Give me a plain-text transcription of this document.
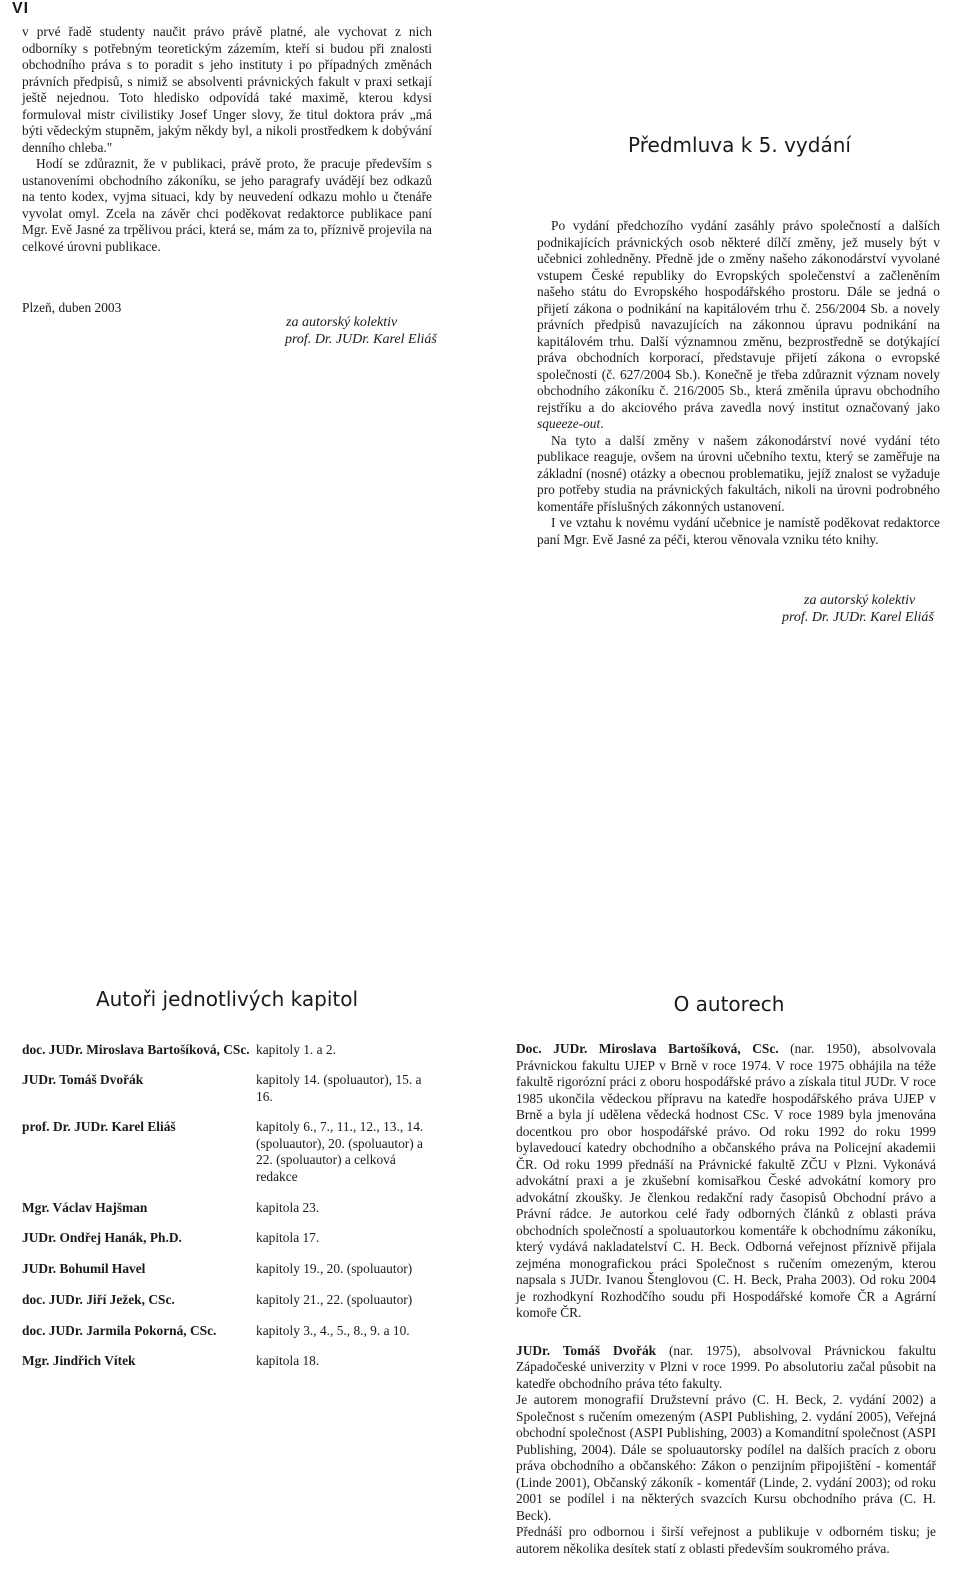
VI

v prvé řadě studenty naučit právo právě platné, ale vychovat z nich odborníky s potřebným teoretickým zázemím, kteří si budou při znalosti obchodního práva s to poradit s jeho instituty i po případných změnách právních předpisů, s nimiž se absolventi právnických fakult v praxi setkají ještě nejednou. Toto hledisko odpovídá také maximě, kterou kdysi formuloval mistr civilistiky Josef Unger slovy, že titul doktora práv „má býti vědeckým stupněm, jakým někdy byl, a nikoli prostředkem k dobývání denního chleba."

Hodí se zdůraznit, že v publikaci, právě proto, že pracuje především s ustanoveními obchodního zákoníku, se jeho paragrafy uvádějí bez odkazů na tento kodex, vyjma situaci, kdy by neuvedení odkazu mohlo u čtenáře vyvolat omyl. Zcela na závěr chci poděkovat redaktorce publikace paní Mgr. Evě Jasné za trpělivou práci, která se, mám za to, příznivě projevila na celkové úrovni publikace.

Plzeň, duben 2003
za autorský kolektiv
prof. Dr. JUDr. Karel Eliáš
Předmluva k 5. vydání

Po vydání předchozího vydání zasáhly právo společností a dalších podnikajících právnických osob některé dílčí změny, jež musely být v učebnici zohledněny. Předně jde o změny našeho zákonodárství vyvolané vstupem České republiky do Evropských společenství a začleněním našeho státu do Evropského hospodářského prostoru. Dále se jedná o přijetí zákona o podnikání na kapitálovém trhu č. 256/2004 Sb. a novely právních předpisů navazujících na zákonnou úpravu podnikání na kapitálovém trhu. Další významnou změnu, bezprostředně se dotýkající práva obchodních korporací, představuje přijetí zákona o evropské společnosti (č. 627/2004 Sb.). Konečně je třeba zdůraznit význam novely obchodního zákoníku č. 216/2005 Sb., která změnila úpravu obchodního rejstříku a do akciového práva zavedla nový institut označovaný jako squeeze-out.

Na tyto a další změny v našem zákonodárství nové vydání této publikace reaguje, ovšem na úrovni učebního textu, který se zaměřuje na základní (nosné) otázky a obecnou problematiku, jejíž znalost se vyžaduje pro potřeby studia na právnických fakultách, nikoli na úrovni podrobného komentáře příslušných zákonných ustanovení.

I ve vztahu k novému vydání učebnice je namístě poděkovat redaktorce paní Mgr. Evě Jasné za péči, kterou věnovala vzniku této knihy.

za autorský kolektiv
prof. Dr. JUDr. Karel Eliáš
Autoři jednotlivých kapitol
doc. JUDr. Miroslava Bartošíková, CSc. kapitoly 1. a 2.
JUDr. Tomáš Dvořák	kapitoly 14. (spoluautor), 15. a 16.
prof. Dr. JUDr. Karel Eliáš	kapitoly 6., 7., 11., 12., 13., 14. (spoluautor), 20. (spoluautor) a 22. (spoluautor) a celková redakce
Mgr. Václav Hajšman	kapitola 23.
JUDr. Ondřej Hanák, Ph.D.	kapitola 17.
JUDr. Bohumil Havel	kapitoly 19., 20. (spoluautor)
doc. JUDr. Jiří Ježek, CSc.	kapitoly 21., 22. (spoluautor)
doc. JUDr. Jarmila Pokorná, CSc.	kapitoly 3., 4., 5., 8., 9. a 10.
Mgr. Jindřich Vítek	kapitola 18.
O autorech

Doc. JUDr. Miroslava Bartošíková, CSc. (nar. 1950), absolvovala Právnickou fakultu UJEP v Brně v roce 1974. V roce 1975 obhájila na téže fakultě rigorózní práci z oboru hospodářské právo a získala titul JUDr. V roce 1985 ukončila vědeckou přípravu na katedře hospodářského práva UJEP v Brně a byla jí udělena vědecká hodnost CSc. V roce 1989 byla jmenována docentkou pro obor hospodářské právo. Od roku 1992 do roku 1999 bylavedoucí katedry obchodního a občanského práva na Policejní akademii ČR. Od roku 1999 přednáší na Právnické fakultě ZČU v Plzni. Vykonává advokátní praxi a je zkušební komisařkou České advokátní komory pro advokátní zkoušky. Je členkou redakční rady časopisů Obchodní právo a Právní rádce. Je autorkou celé řady odborných článků z oblasti práva obchodních společností a spoluautorkou komentáře k obchodnímu zákoníku, který vydává nakladatelství C. H. Beck. Odborná veřejnost příznivě přijala zejména monografickou práci Společnost s ručením omezeným, kterou napsala s JUDr. Ivanou Štenglovou (C. H. Beck, Praha 2003). Od roku 2004 je rozhodkyní Rozhodčího soudu při Hospodářské komoře ČR a Agrární komoře ČR.

JUDr. Tomáš Dvořák (nar. 1975), absolvoval Právnickou fakultu Západočeské univerzity v Plzni v roce 1999. Po absolutoriu začal působit na katedře obchodního práva této fakulty.

Je autorem monografií Družstevní právo (C. H. Beck, 2. vydání 2002) a Společnost s ručením omezeným (ASPI Publishing, 2. vydání 2005), Veřejná obchodní společnost (ASPI Publishing, 2003) a Komanditní společnost (ASPI Publishing, 2004). Dále se spoluautorsky podílel na dalších pracích z oboru práva obchodního a občanského: Zákon o penzijním připojištění - komentář (Linde 2001), Občanský zákoník - komentář (Linde, 2. vydání 2003); od roku 2001 se podílel i na některých svazcích Kursu obchodního práva (C. H. Beck).

Přednáší pro odbornou i širší veřejnost a publikuje v odborném tisku; je autorem několika desítek statí z oblasti především soukromého práva.
